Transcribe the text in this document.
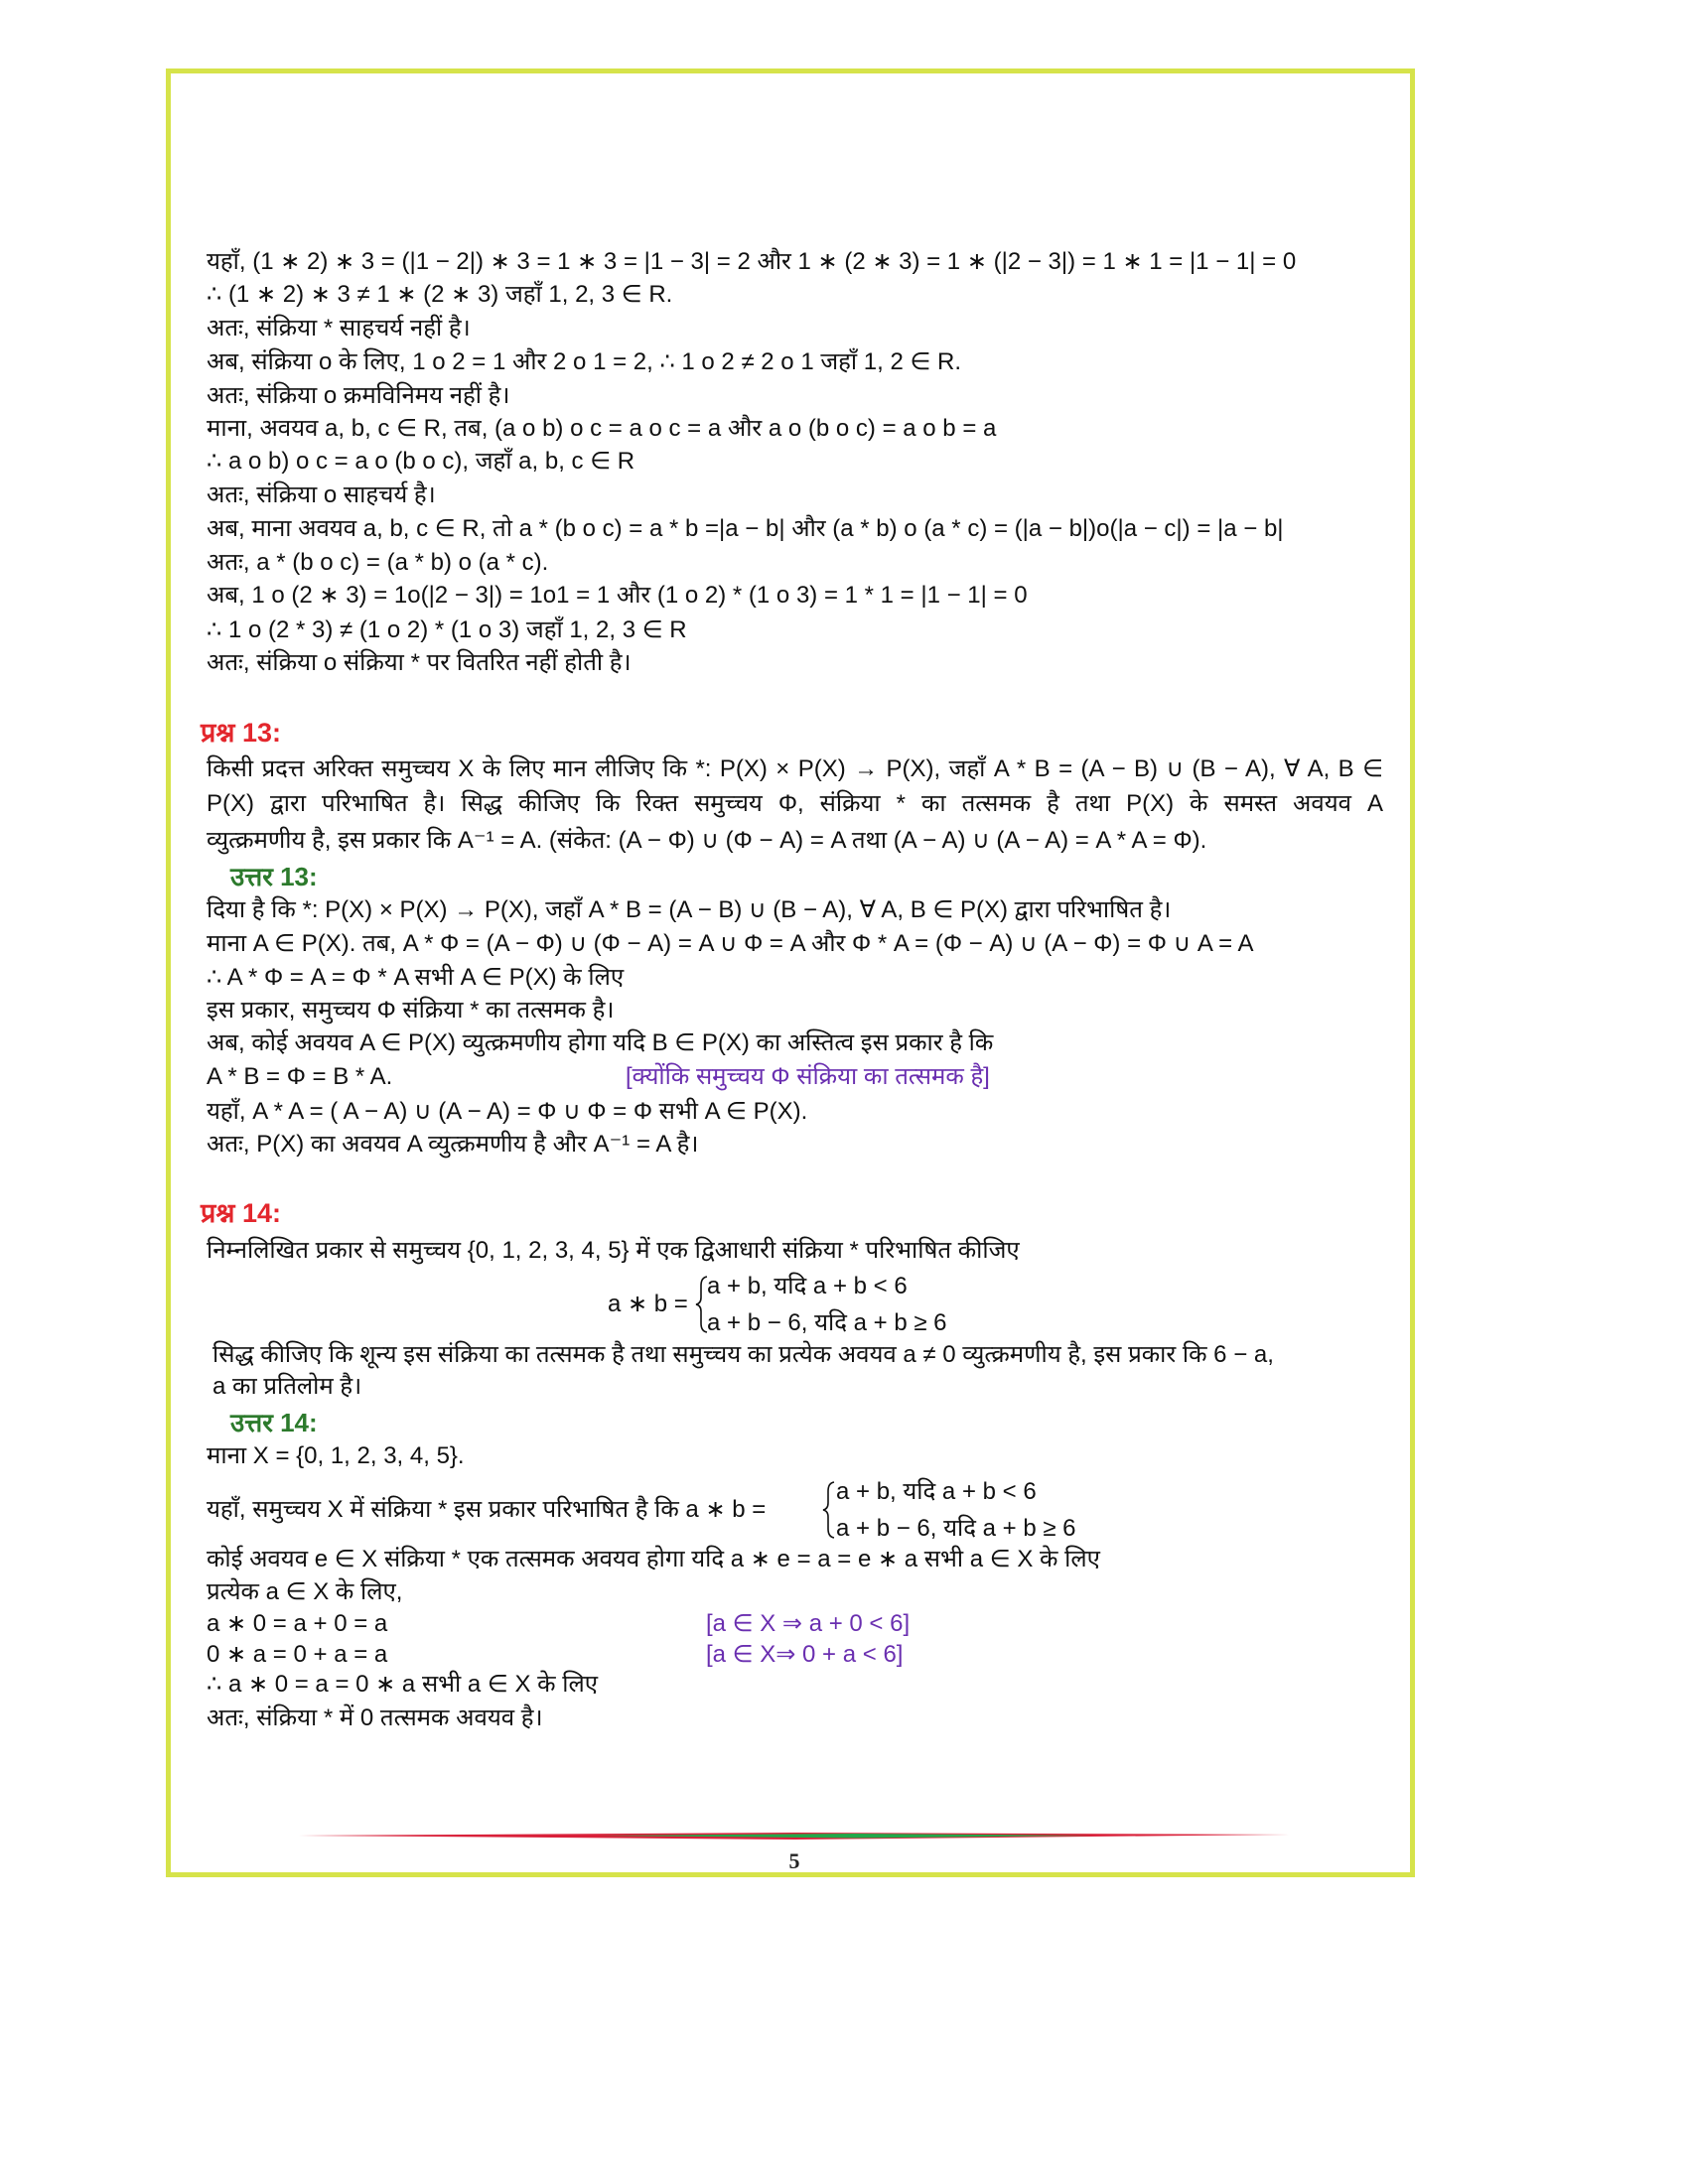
यहाँ, (1 ∗ 2) ∗ 3 = (|1 − 2|) ∗ 3 = 1 ∗ 3 = |1 − 3| = 2 और 1 ∗ (2 ∗ 3) = 1 ∗ (|2 − 3|) = 1 ∗ 1 = |1 − 1| = 0
∴ (1 ∗ 2) ∗ 3 ≠ 1 ∗ (2 ∗ 3) जहाँ 1, 2, 3 ∈ R.
अतः, संक्रिया * साहचर्य नहीं है।
अब, संक्रिया o के लिए, 1 o 2 = 1 और 2 o 1 = 2, ∴ 1 o 2 ≠ 2 o 1 जहाँ 1, 2 ∈ R.
अतः, संक्रिया o क्रमविनिमय नहीं है।
माना, अवयव a, b, c ∈ R, तब, (a o b) o c = a o c = a और a o (b o c) = a o b = a
∴ a o b) o c = a o (b o c), जहाँ a, b, c ∈ R
अतः, संक्रिया o साहचर्य है।
अब, माना अवयव a, b, c ∈ R, तो a * (b o c) = a * b =|a − b| और (a * b) o (a * c) = (|a − b|)o(|a − c|) = |a − b|
अतः, a * (b o c) = (a * b) o (a * c).
अब, 1 o (2 ∗ 3) = 1o(|2 − 3|) = 1o1 = 1 और (1 o 2) * (1 o 3) = 1 * 1 = |1 − 1| = 0
∴ 1 o (2 * 3) ≠ (1 o 2) * (1 o 3) जहाँ 1, 2, 3 ∈ R
अतः, संक्रिया o संक्रिया * पर वितरित नहीं होती है।
प्रश्न 13:
किसी प्रदत्त अरिक्त समुच्चय X के लिए मान लीजिए कि *: P(X) × P(X) → P(X), जहाँ A * B = (A − B) ∪ (B − A), ∀ A, B ∈
P(X) द्वारा परिभाषित है। सिद्ध कीजिए कि रिक्त समुच्चय Φ, संक्रिया * का तत्समक है तथा P(X) के समस्त अवयव A
व्युत्क्रमणीय है, इस प्रकार कि A⁻¹ = A. (संकेत: (A − Φ) ∪ (Φ − A) = A तथा (A − A) ∪ (A − A) = A * A = Φ).
उत्तर 13:
दिया है कि *: P(X) × P(X) → P(X), जहाँ A * B = (A − B) ∪ (B − A), ∀ A, B ∈ P(X) द्वारा परिभाषित है।
माना A ∈ P(X). तब, A * Φ = (A − Φ) ∪ (Φ − A) = A ∪ Φ = A और Φ * A = (Φ − A) ∪ (A − Φ) = Φ ∪ A = A
∴ A * Φ = A = Φ * A सभी A ∈ P(X) के लिए
इस प्रकार, समुच्चय Φ संक्रिया * का तत्समक है।
अब, कोई अवयव A ∈ P(X) व्युत्क्रमणीय होगा यदि B ∈ P(X) का अस्तित्व इस प्रकार है कि
A * B = Φ = B * A.
यहाँ, A * A = ( A − A) ∪ (A − A) = Φ ∪ Φ = Φ सभी A ∈ P(X).
अतः, P(X) का अवयव A व्युत्क्रमणीय है और A⁻¹ = A है।
[क्योंकि समुच्चय Φ संक्रिया का तत्समक है]
प्रश्न 14:
निम्नलिखित प्रकार से समुच्चय {0, 1, 2, 3, 4, 5} में एक द्विआधारी संक्रिया * परिभाषित कीजिए
a ∗ b =
a + b, यदि a + b < 6
a + b − 6, यदि a + b ≥ 6
सिद्ध कीजिए कि शून्य इस संक्रिया का तत्समक है तथा समुच्चय का प्रत्येक अवयव a ≠ 0 व्युत्क्रमणीय है, इस प्रकार कि 6 − a,
a का प्रतिलोम है।
उत्तर 14:
माना X = {0, 1, 2, 3, 4, 5}.
यहाँ, समुच्चय X में संक्रिया * इस प्रकार परिभाषित है कि a ∗ b =
a + b, यदि a + b < 6
a + b − 6, यदि a + b ≥ 6
कोई अवयव e ∈ X संक्रिया * एक तत्समक अवयव होगा यदि a ∗ e = a = e ∗ a सभी a ∈ X के लिए
प्रत्येक a ∈ X के लिए,
a ∗ 0 = a + 0 = a
0 ∗ a = 0 + a = a
∴ a ∗ 0 = a = 0 ∗ a सभी a ∈ X के लिए
अतः, संक्रिया * में 0 तत्समक अवयव है।
[a ∈ X ⇒ a + 0 < 6]
[a ∈ X⇒ 0 + a < 6]
5
